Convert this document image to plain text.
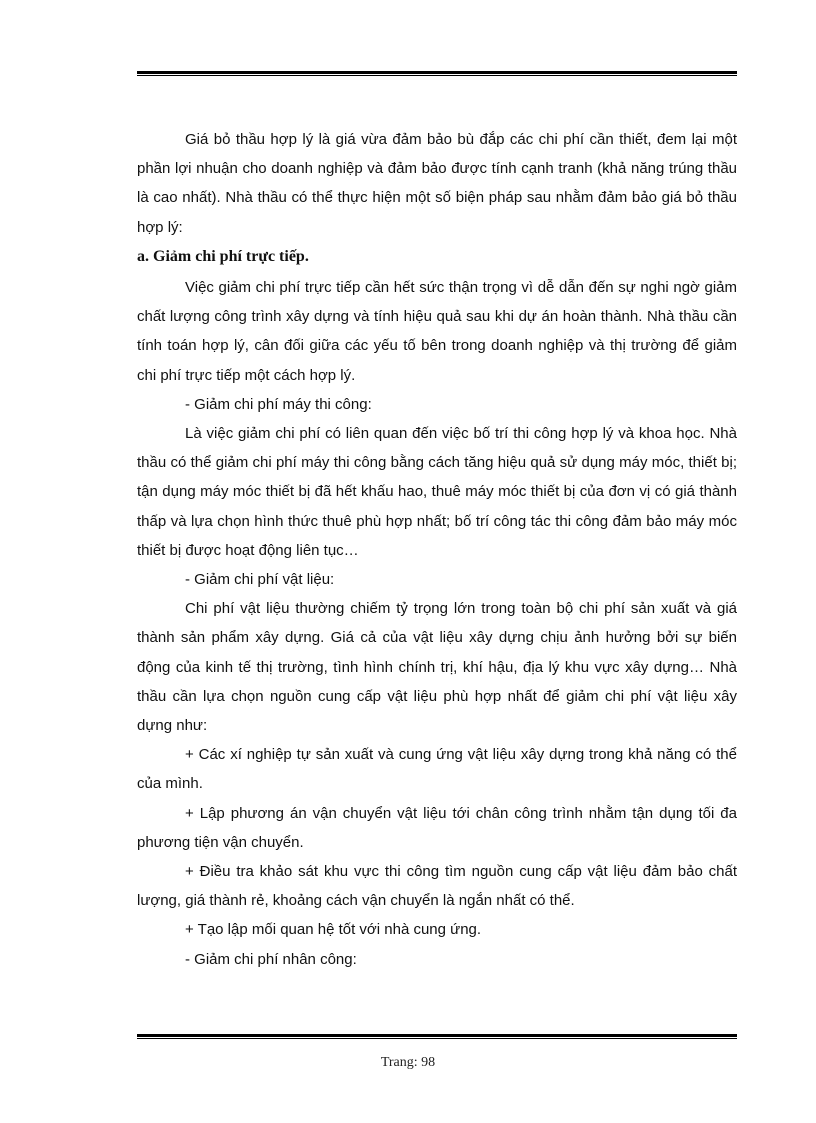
Giá bỏ thầu hợp lý là giá vừa đảm bảo bù đắp các chi phí cần thiết, đem lại một phần lợi nhuận cho doanh nghiệp và đảm bảo được tính cạnh tranh (khả năng trúng thầu là cao nhất). Nhà thầu có thể thực hiện một số biện pháp sau nhằm đảm bảo giá bỏ thầu hợp lý:

a. Giảm chi phí trực tiếp.

Việc giảm chi phí trực tiếp cần hết sức thận trọng vì dễ dẫn đến sự nghi ngờ giảm chất lượng công trình xây dựng và tính hiệu quả sau khi dự án hoàn thành. Nhà thầu cần tính toán hợp lý, cân đối giữa các yếu tố bên trong doanh nghiệp và thị trường để giảm chi phí trực tiếp một cách hợp lý.

- Giảm chi phí máy thi công:

Là việc giảm chi phí có liên quan đến việc bố trí thi công hợp lý và khoa học. Nhà thầu có thể giảm chi phí máy thi công bằng cách tăng hiệu quả sử dụng máy móc, thiết bị; tận dụng máy móc thiết bị đã hết khấu hao, thuê máy móc thiết bị của đơn vị có giá thành thấp và lựa chọn hình thức thuê phù hợp nhất; bố trí công tác thi công đảm bảo máy móc thiết bị được hoạt động liên tục…

- Giảm chi phí vật liệu:

Chi phí vật liệu thường chiếm tỷ trọng lớn trong toàn bộ chi phí sản xuất và giá thành sản phẩm xây dựng. Giá cả của vật liệu xây dựng chịu ảnh hưởng bởi sự biến động của kinh tế thị trường, tình hình chính trị, khí hậu, địa lý khu vực xây dựng… Nhà thầu cần lựa chọn nguồn cung cấp vật liệu phù hợp nhất để giảm chi phí vật liệu xây dựng như:

+ Các xí nghiệp tự sản xuất và cung ứng vật liệu xây dựng trong khả năng có thể của mình.

+ Lập phương án vận chuyển vật liệu tới chân công trình nhằm tận dụng tối đa phương tiện vận chuyển.

+ Điều tra khảo sát khu vực thi công tìm nguồn cung cấp vật liệu đảm bảo chất lượng, giá thành rẻ, khoảng cách vận chuyển là ngắn nhất có thể.

+ Tạo lập mối quan hệ tốt với nhà cung ứng.

- Giảm chi phí nhân công:

Trang: 98
